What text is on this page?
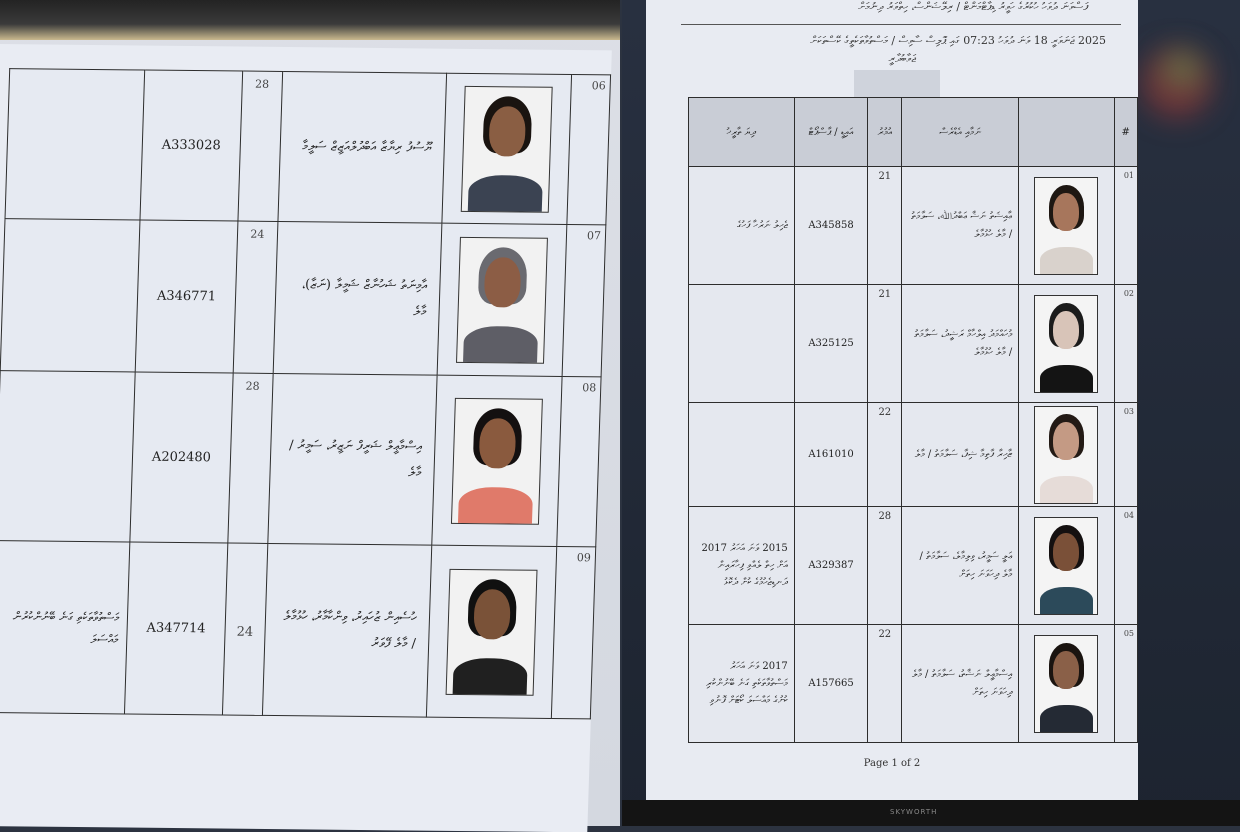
	A333028	28	ޔޫސުފު ރިޔާޒާ އަބްދުލްއަޒީޒް ސަލީމާ		06
	A346771	24	އާމިނަތު ޝަހުނާޒް ޝަމީލާ (ނަޒާ)، މާލެ		07
	A202480	28	އިސްމާޢީލް ޝަރީފް ނަޒީރު، ސަމީރު / މާލެ		08
މަސްތުވާތަކެތި ގަނެ ބޭނުންކުރުން މައްސަލަ	A347714	24	ހުސެއިން ޒުހައިރު، ވިންކާމާރު، ހުޅުމާލެ / މާލެ ފޭވަރު		09
ފަސްވަނަ ދުވަހު ހުކުރުގެ ހަވީރު ޑިޕާޓްމަންޓް / ރިލޭޝަންސް، ހިތްވަރު ދިނުމަށް
2025 ޖަނަވަރީ 18 ވަނަ ދުވަހު 07:23 ގައި ޕޮލިސް ސާވިސް / މަސްތުވާތަކެތީގެ ކޭސްތަކަށް
ޖަވާބުދާރީ
ދިޔަ ތާރީޚު	އައިޑީ / ޕާސްޕޯޓް	އުމުރު	ނަމާއި އެޑްރެސް		#
ޖެހިލު ނަރުހާ ފަހުގެ	A345858	21	ޢާއިޝަތު ނަޝާ ޢަބްދުﷲ، ސަލާމަތު / މާލެ ހުޅުމާލެ		01
	A325125	21	މުހައްމަދު އިލްހާމް ރަޝީދު، ސަލާމަތު / މާލެ ހުޅުމާލެ		02
	A161010	22	ޒާހިރާ ފާތިމާ ޝިފާ، ސަލާމަތު / މާލެ		03
2015 ވަނަ އަހަރު 2017 އަށް ހިތް ލެއްވި ފިހާރައިން ދަނޑިޖެހުމުގެ ކުށް ދެކޮޅު	A329387	28	ޢަލީ ސަމީރު، ވިލިމާލެ، ސަލާމަތު / މާލެ ދިހަވަނަ ހިތަށް		04
2017 ވަނަ އަހަރު މަސްތުވާތަކެތި ގަނެ ބޭނުންކުރި ކުށުގެ މައްސަލަ ކޯޓަށް ފޮނުވި	A157665	22	އިސްމާޢީލް ނަޝާތު، ސަލާމަތު / މާލެ ދިހަވަނަ ހިތަށް		05
Page 1 of 2
SKYWORTH
